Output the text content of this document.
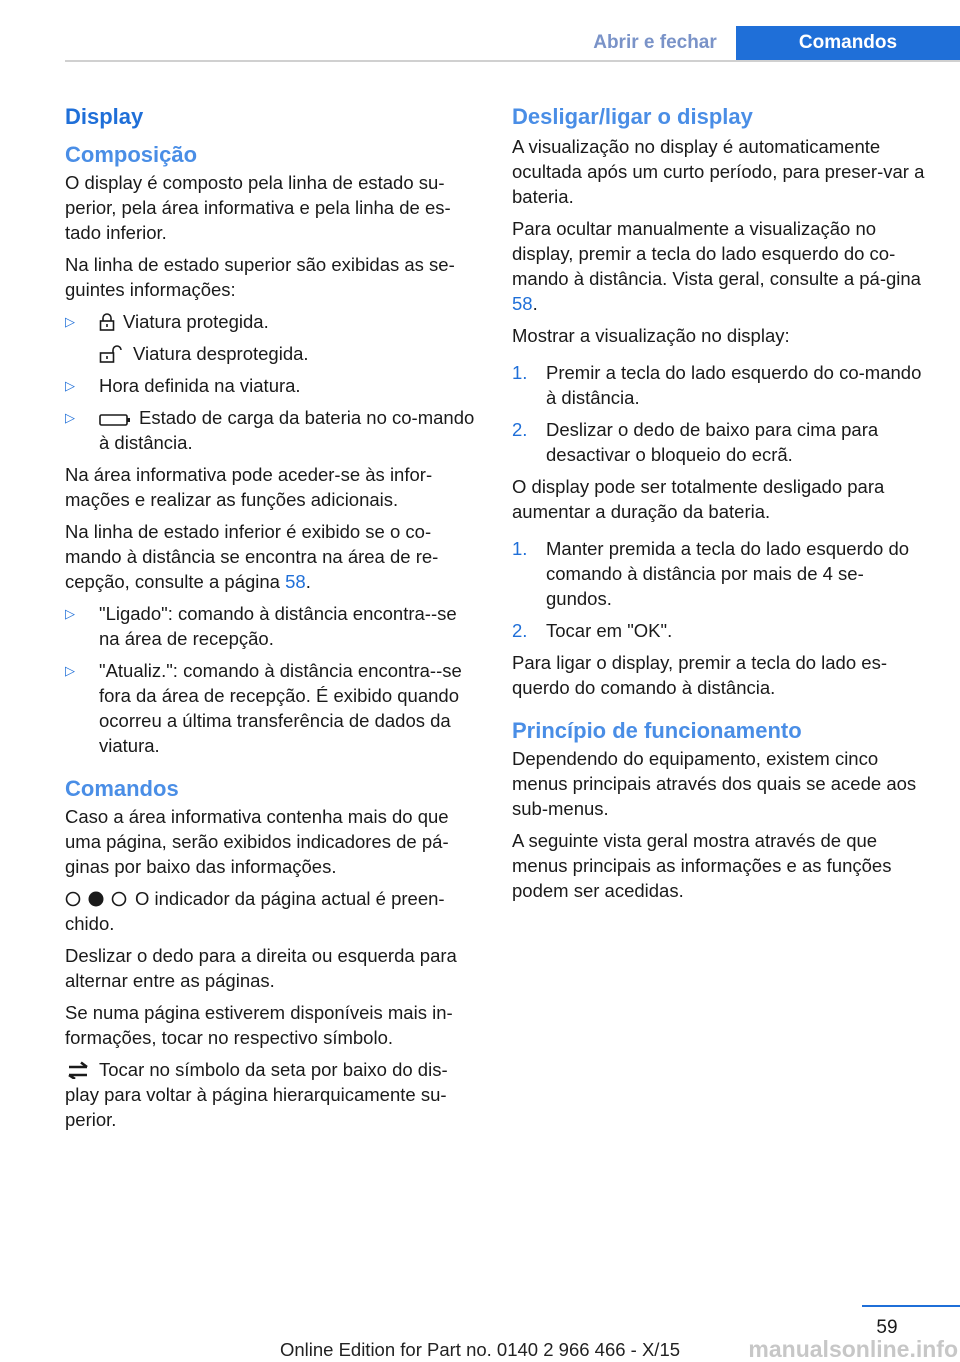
Abrir e fechar	Comandos
Display
Composição

O display é composto pela linha de estado su-perior, pela área informativa e pela linha de es-tado inferior.

Na linha de estado superior são exibidas as se-guintes informações:

▷	Viatura protegida.
Viatura desprotegida.
▷ Hora definida na viatura.
▷	Estado de carga da bateria no co-mando à distância.

Na área informativa pode aceder-se às infor-mações e realizar as funções adicionais.

Na linha de estado inferior é exibido se o co-mando à distância se encontra na área de re-cepção, consulte a página 58.

▷ "Ligado": comando à distância encontra--se na área de recepção.
▷ "Atualiz.": comando à distância encontra--se fora da área de recepção. É exibido quando ocorreu a última transferência de dados da viatura.
Comandos

Caso a área informativa contenha mais do que uma página, serão exibidos indicadores de pá-ginas por baixo das informações.

O indicador da página actual é preen-chido.

Deslizar o dedo para a direita ou esquerda para alternar entre as páginas.

Se numa página estiverem disponíveis mais in-formações, tocar no respectivo símbolo.

Tocar no símbolo da seta por baixo do dis-play para voltar à página hierarquicamente su-perior.

Desligar/ligar o display

A visualização no display é automaticamente ocultada após um curto período, para preser-var a bateria.

Para ocultar manualmente a visualização no display, premir a tecla do lado esquerdo do co-mando à distância. Vista geral, consulte a pá-gina 58.

Mostrar a visualização no display:

1. Premir a tecla do lado esquerdo do co-mando à distância.
2. Deslizar o dedo de baixo para cima para desactivar o bloqueio do ecrã.

O display pode ser totalmente desligado para aumentar a duração da bateria.

1. Manter premida a tecla do lado esquerdo do comando à distância por mais de 4 se-gundos.
2. Tocar em "OK".

Para ligar o display, premir a tecla do lado es-querdo do comando à distância.

Princípio de funcionamento

Dependendo do equipamento, existem cinco menus principais através dos quais se acede aos sub-menus.

A seguinte vista geral mostra através de que menus principais as informações e as funções podem ser acedidas.

59
Online Edition for Part no. 0140 2 966 466 - X/15	manualsonline.info
